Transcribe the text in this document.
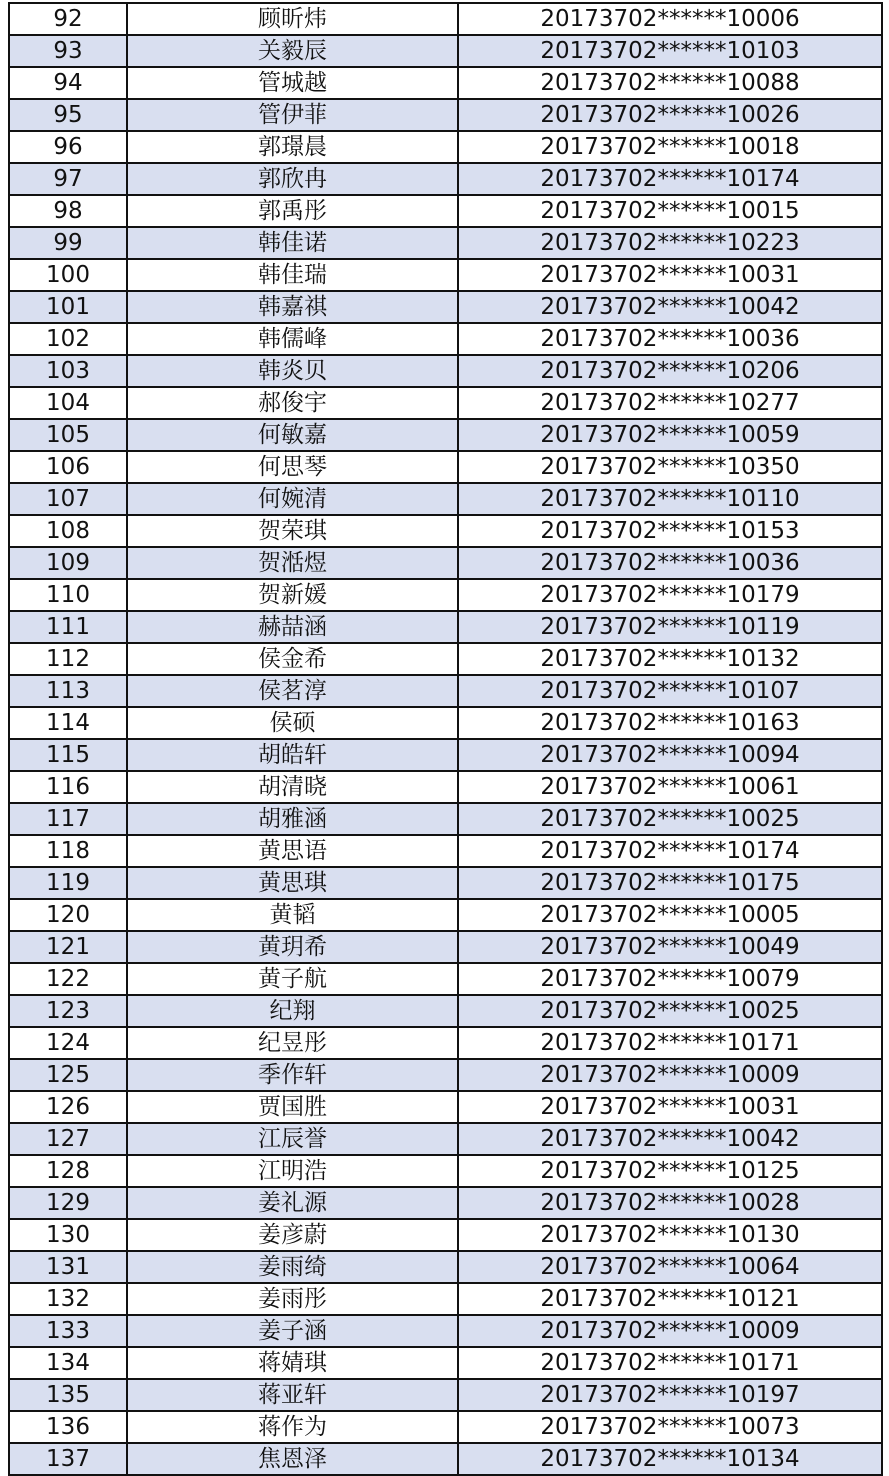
92	顾昕炜	20173702******10006
93	关毅辰	20173702******10103
94	管城越	20173702******10088
95	管伊菲	20173702******10026
96	郭璟晨	20173702******10018
97	郭欣冉	20173702******10174
98	郭禹彤	20173702******10015
99	韩佳诺	20173702******10223
100	韩佳瑞	20173702******10031
101	韩嘉祺	20173702******10042
102	韩儒峰	20173702******10036
103	韩炎贝	20173702******10206
104	郝俊宇	20173702******10277
105	何敏嘉	20173702******10059
106	何思琴	20173702******10350
107	何婉清	20173702******10110
108	贺荣琪	20173702******10153
109	贺湉煜	20173702******10036
110	贺新媛	20173702******10179
111	赫喆涵	20173702******10119
112	侯金希	20173702******10132
113	侯茗淳	20173702******10107
114	侯硕	20173702******10163
115	胡皓轩	20173702******10094
116	胡清晓	20173702******10061
117	胡雅涵	20173702******10025
118	黄思语	20173702******10174
119	黄思琪	20173702******10175
120	黄韬	20173702******10005
121	黄玥希	20173702******10049
122	黄子航	20173702******10079
123	纪翔	20173702******10025
124	纪昱彤	20173702******10171
125	季作轩	20173702******10009
126	贾国胜	20173702******10031
127	江辰誉	20173702******10042
128	江明浩	20173702******10125
129	姜礼源	20173702******10028
130	姜彦蔚	20173702******10130
131	姜雨绮	20173702******10064
132	姜雨彤	20173702******10121
133	姜子涵	20173702******10009
134	蒋婧琪	20173702******10171
135	蒋亚轩	20173702******10197
136	蒋作为	20173702******10073
137	焦恩泽	20173702******10134
